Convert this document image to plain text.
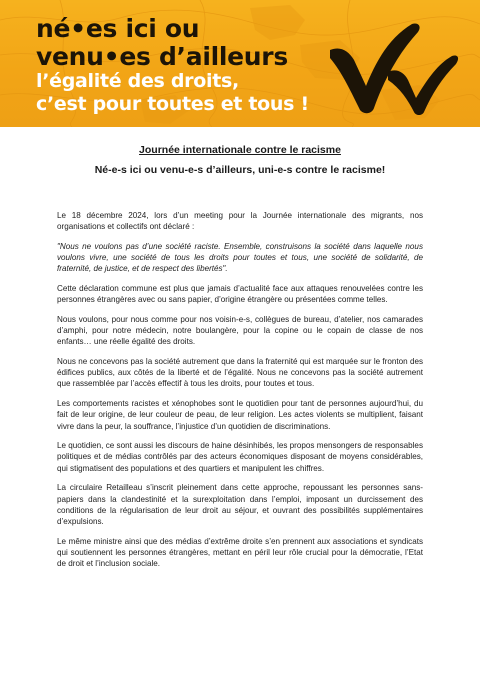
né•es ici ou
venu•es d’ailleurs
l’égalité des droits,
c’est pour toutes et tous !
Journée internationale contre le racisme
Né-e-s ici ou venu-e-s d’ailleurs, uni-e-s contre le racisme!

Le 18 décembre 2024, lors d’un meeting pour la Journée internationale des migrants, nos organisations et collectifs ont déclaré :

"Nous ne voulons pas d’une société raciste. Ensemble, construisons la société dans laquelle nous voulons vivre, une société de tous les droits pour toutes et tous, une société de solidarité, de fraternité, de justice, et de respect des libertés".

Cette déclaration commune est plus que jamais d’actualité face aux attaques renouvelées contre les personnes étrangères avec ou sans papier, d’origine étrangère ou présentées comme telles.

Nous voulons, pour nous comme pour nos voisin-e-s, collègues de bureau, d’atelier, nos camarades d’amphi, pour notre médecin, notre boulangère, pour la copine ou le copain de classe de nos enfants… une réelle égalité des droits.

Nous ne concevons pas la société autrement que dans la fraternité qui est marquée sur le fronton des édifices publics, aux côtés de la liberté et de l’égalité. Nous ne concevons pas la société autrement que rassemblée par l’accès effectif à tous les droits, pour toutes et tous.

Les comportements racistes et xénophobes sont le quotidien pour tant de personnes aujourd’hui, du fait de leur origine, de leur couleur de peau, de leur religion. Les actes violents se multiplient, faisant vivre dans la peur, la souffrance, l’injustice d’un quotidien de discriminations.

Le quotidien, ce sont aussi les discours de haine désinhibés, les propos mensongers de responsables politiques et de médias contrôlés par des acteurs économiques disposant de moyens considérables, qui stigmatisent des populations et des quartiers et manipulent les chiffres.

La circulaire Retailleau s’inscrit pleinement dans cette approche, repoussant les personnes sans-papiers dans la clandestinité et la surexploitation dans l’emploi, imposant un durcissement des conditions de la régularisation de leur droit au séjour, et ouvrant des possibilités supplémentaires d’expulsions.

Le même ministre ainsi que des médias d’extrême droite s’en prennent aux associations et syndicats qui soutiennent les personnes étrangères, mettant en péril leur rôle crucial pour la démocratie, l’Etat de droit et l’inclusion sociale.
